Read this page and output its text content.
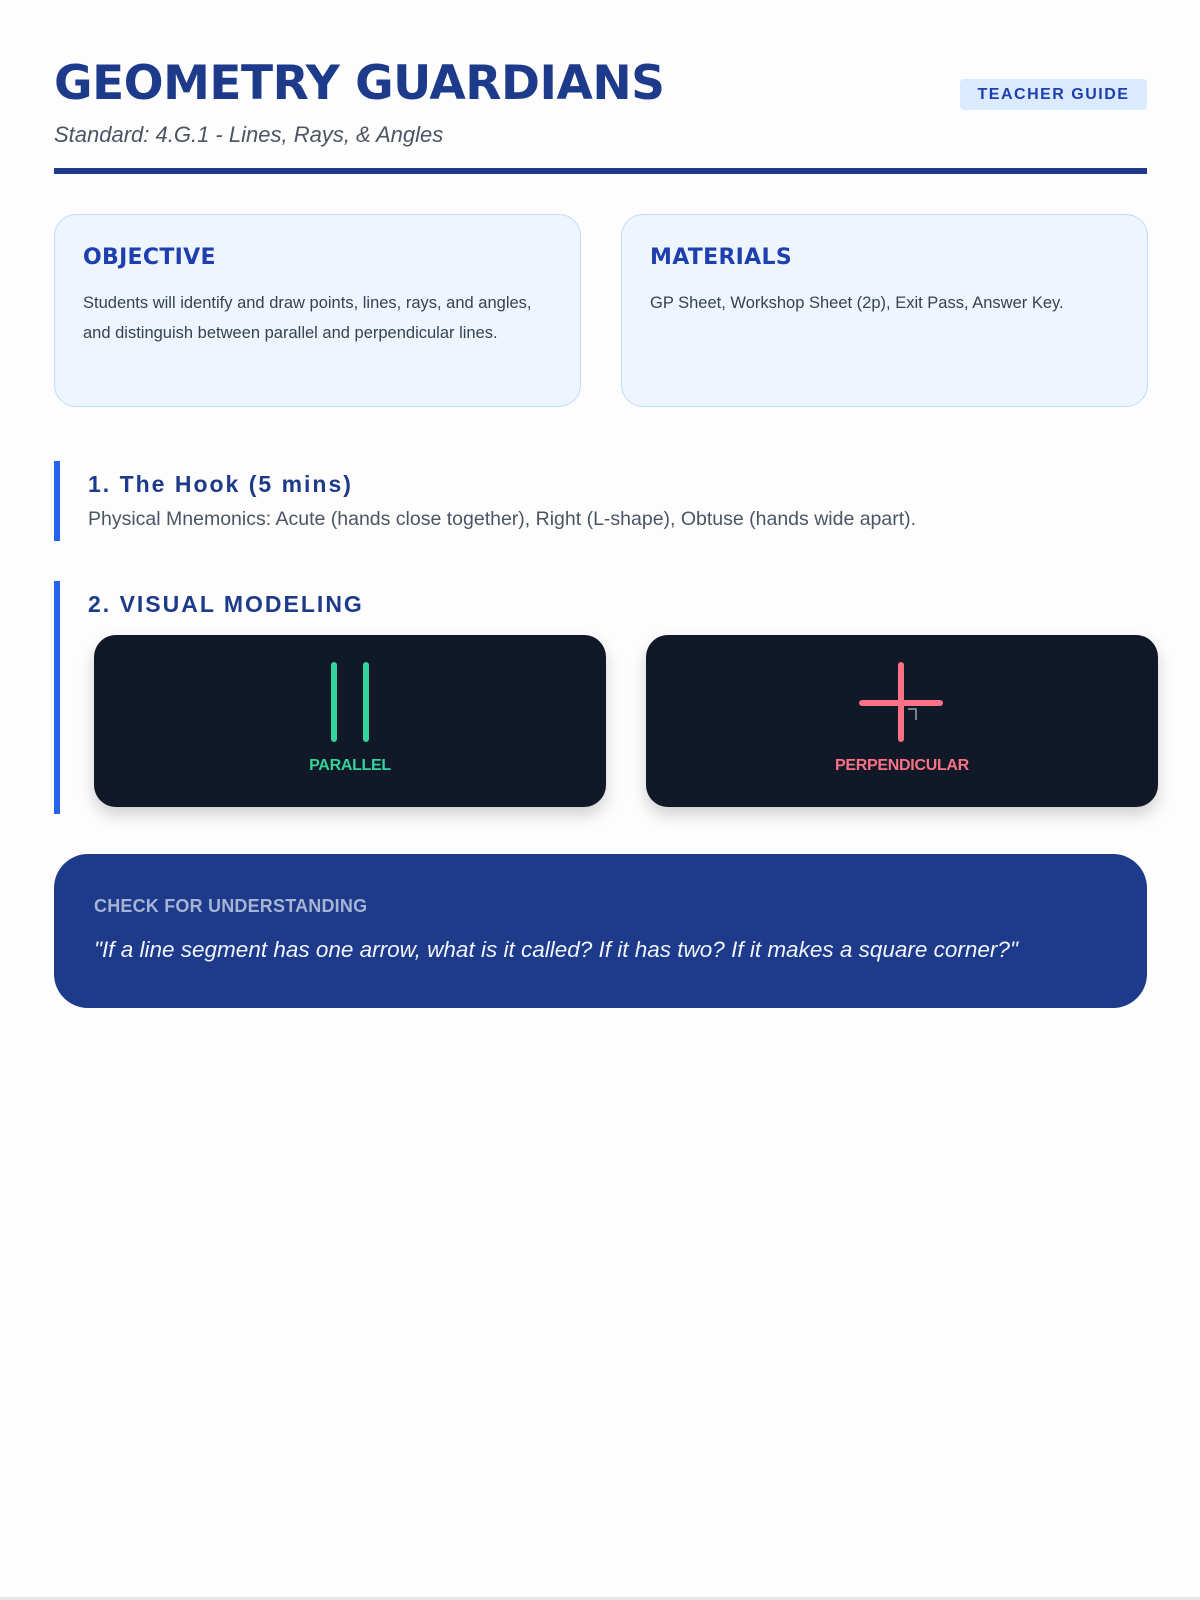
GEOMETRY GUARDIANS
Standard: 4.G.1 - Lines, Rays, & Angles
TEACHER GUIDE
OBJECTIVE
Students will identify and draw points, lines, rays, and angles, and distinguish between parallel and perpendicular lines.
MATERIALS
GP Sheet, Workshop Sheet (2p), Exit Pass, Answer Key.
1. The Hook (5 mins)
Physical Mnemonics: Acute (hands close together), Right (L-shape), Obtuse (hands wide apart).
2. VISUAL MODELING
PARALLEL	PERPENDICULAR
CHECK FOR UNDERSTANDING
"If a line segment has one arrow, what is it called? If it has two? If it makes a square corner?"
